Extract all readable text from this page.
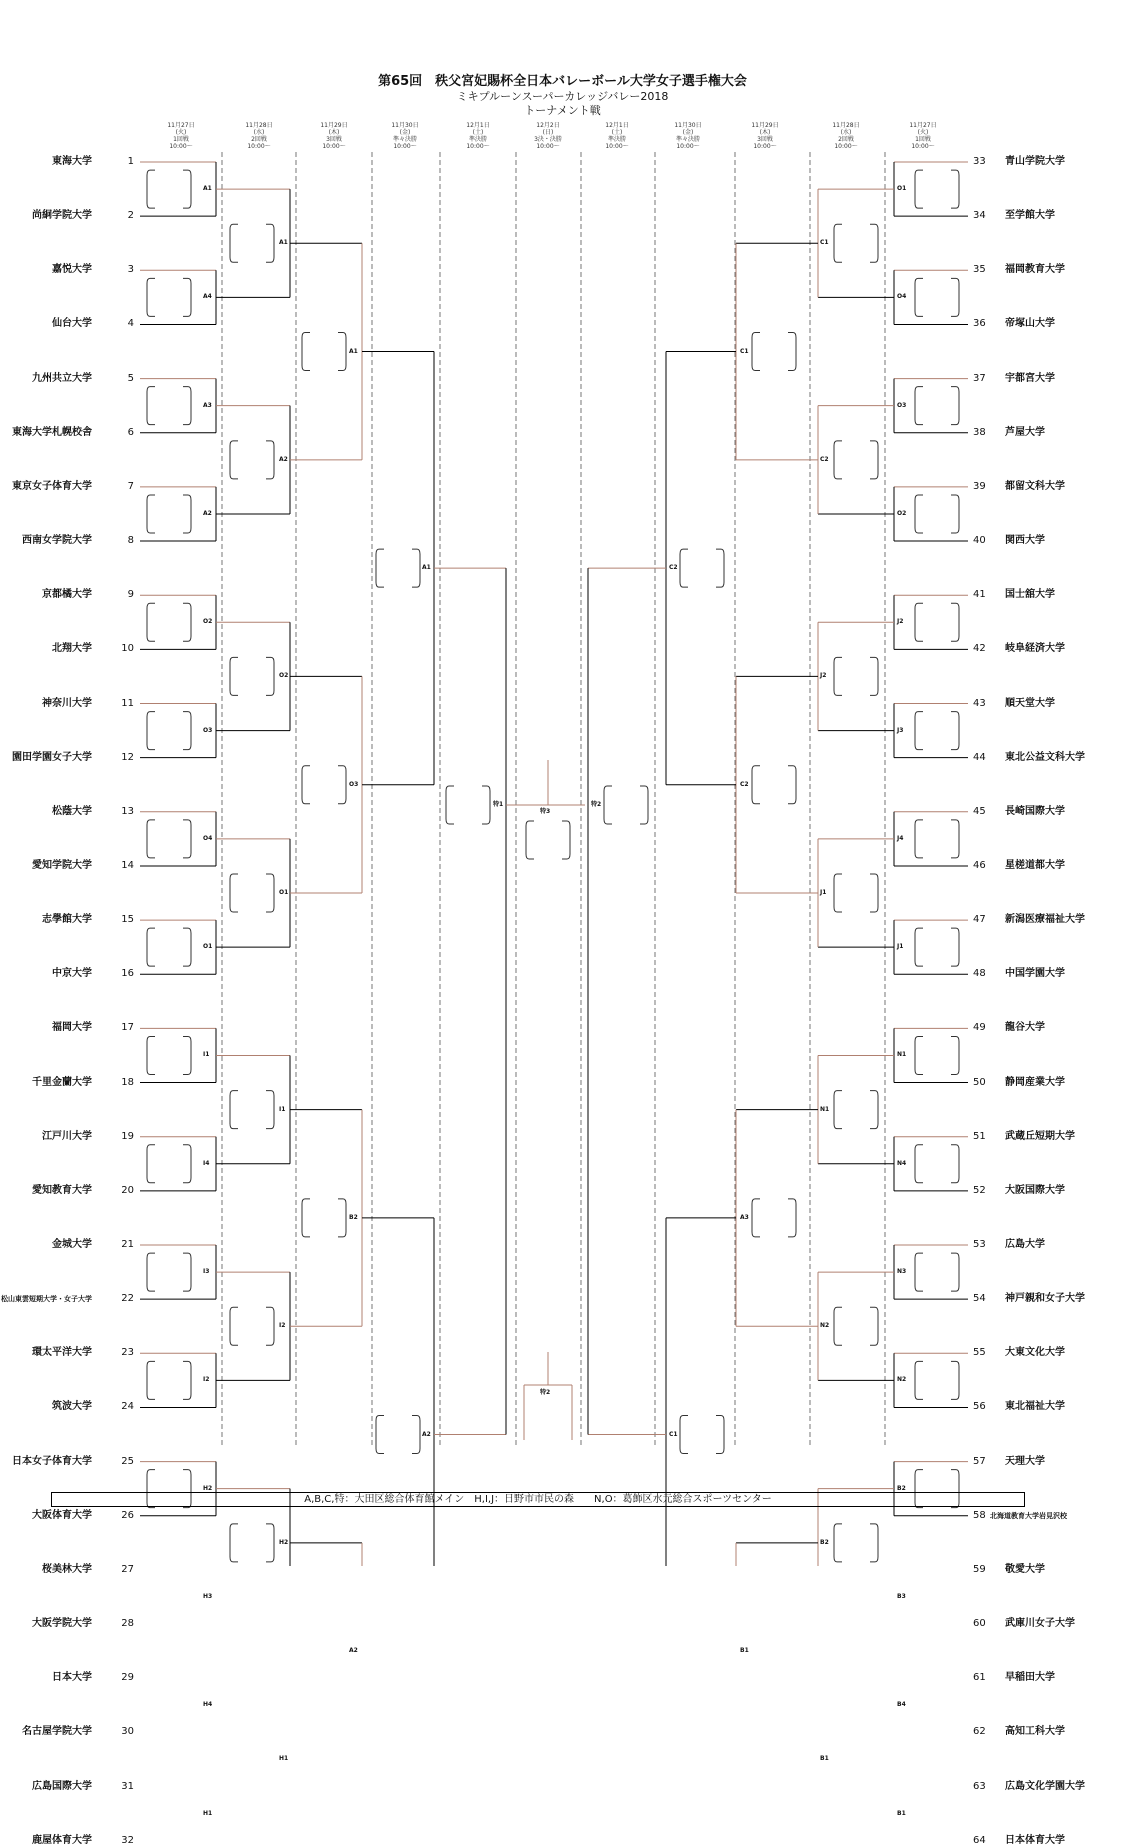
第65回　秩父宮妃賜杯全日本バレーボール大学女子選手権大会
ミキプルーンスーパーカレッジバレー2018
トーナメント戦
11月27日
(火)
1回戦
10:00〜
11月28日
(水)
2回戦
10:00〜
11月29日
(木)
3回戦
10:00〜
11月30日
(金)
準々決勝
10:00〜
12月1日
(土)
準決勝
10:00〜
12月2日
(日)
3決・決勝
10:00〜
12月1日
(土)
準決勝
10:00〜
11月30日
(金)
準々決勝
10:00〜
11月29日
(木)
3回戦
10:00〜
11月28日
(水)
2回戦
10:00〜
11月27日
(火)
1回戦
10:00〜
東海大学	1
尚絅学院大学	2
嘉悦大学	3
仙台大学	4
九州共立大学	5
東海大学札幌校舎	6
東京女子体育大学	7
西南女学院大学	8
京都橘大学	9
北翔大学	10
神奈川大学	11
園田学園女子大学	12
松蔭大学	13
愛知学院大学	14
志學館大学	15
中京大学	16
福岡大学	17
千里金蘭大学	18
江戸川大学	19
愛知教育大学	20
金城大学	21
松山東雲短期大学・女子大学	22
環太平洋大学	23
筑波大学	24
日本女子体育大学	25
大阪体育大学	26
桜美林大学	27
大阪学院大学	28
日本大学	29
名古屋学院大学	30
広島国際大学	31
鹿屋体育大学	32
A1
A4
A3
A2
O2
O3
O4
O1
I1
I4
I3
I2
H2
H3
H4
H1
A1
A2
O2
O1
I1
I2
H2
H1
A1
O3
B2
A2
A1
A2
特1
33 青山学院大学
34 至学館大学
35 福岡教育大学
36 帝塚山大学
37 宇都宮大学
38 芦屋大学
39 都留文科大学
40 関西大学
41 国士舘大学
42 岐阜経済大学
43 順天堂大学
44 東北公益文科大学
45 長崎国際大学
46 星槎道都大学
47 新潟医療福祉大学
48 中国学園大学
49 龍谷大学
50 静岡産業大学
51 武蔵丘短期大学
52 大阪国際大学
53 広島大学
54 神戸親和女子大学
55 大東文化大学
56 東北福祉大学
57 天理大学
58 北海道教育大学岩見沢校
59 敬愛大学
60 武庫川女子大学
61 早稲田大学
62 高知工科大学
63 広島文化学園大学
64 日本体育大学
O1
O4
O3
O2
J2
J3
J4
J1
N1
N4
N3
N2
B2
B3
B4
B1
C1
C2
J2
J1
N1
N2
B2
B1
C1
C2
A3
B1
C2
C1
特2
特3
特2
A,B,C,特：大田区総合体育館メイン　H,I,J：日野市市民の森　　N,O：葛飾区水元総合スポーツセンター
